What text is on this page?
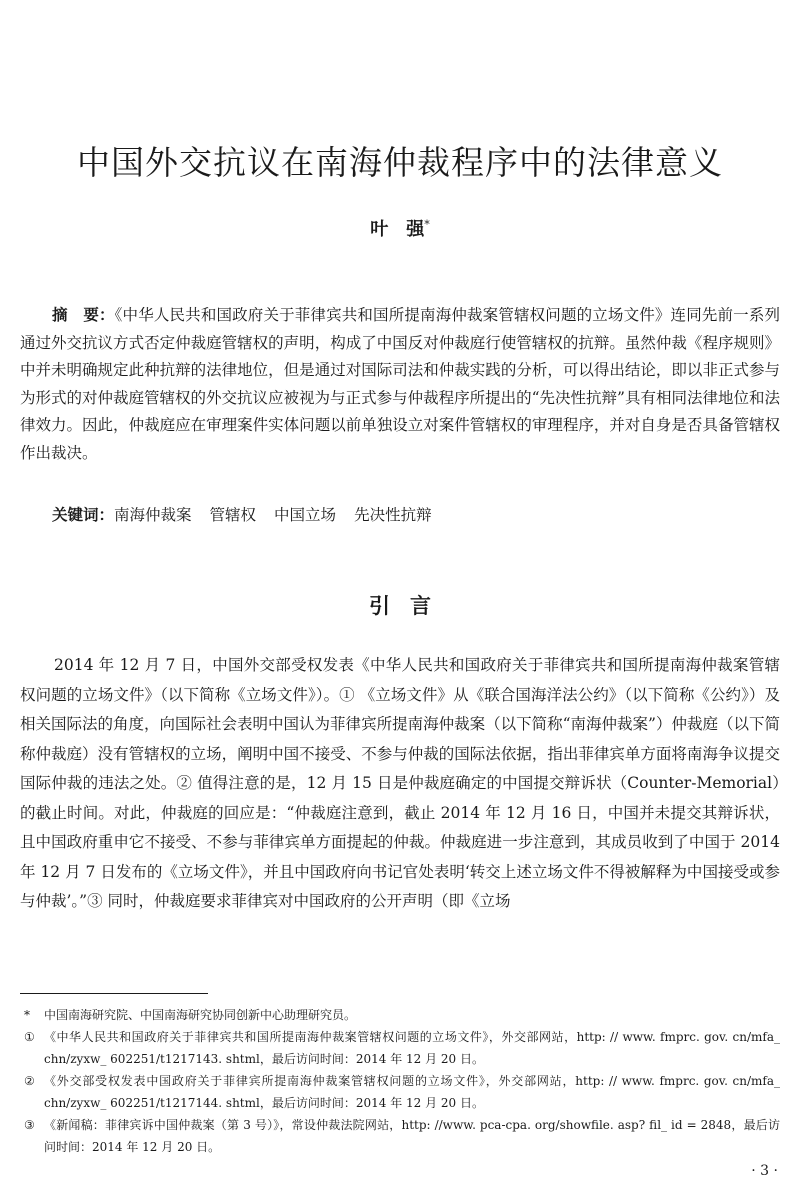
中国外交抗议在南海仲裁程序中的法律意义

叶　强*

摘　要：《中华人民共和国政府关于菲律宾共和国所提南海仲裁案管辖权问题的立场文件》连同先前一系列通过外交抗议方式否定仲裁庭管辖权的声明，构成了中国反对仲裁庭行使管辖权的抗辩。虽然仲裁《程序规则》中并未明确规定此种抗辩的法律地位，但是通过对国际司法和仲裁实践的分析，可以得出结论，即以非正式参与为形式的对仲裁庭管辖权的外交抗议应被视为与正式参与仲裁程序所提出的“先决性抗辩”具有相同法律地位和法律效力。因此，仲裁庭应在审理案件实体问题以前单独设立对案件管辖权的审理程序，并对自身是否具备管辖权作出裁决。

关键词：南海仲裁案 管辖权 中国立场 先决性抗辩

引言

2014 年 12 月 7 日，中国外交部受权发表《中华人民共和国政府关于菲律宾共和国所提南海仲裁案管辖权问题的立场文件》（以下简称《立场文件》）。① 《立场文件》从《联合国海洋法公约》（以下简称《公约》）及相关国际法的角度，向国际社会表明中国认为菲律宾所提南海仲裁案（以下简称“南海仲裁案”）仲裁庭（以下简称仲裁庭）没有管辖权的立场，阐明中国不接受、不参与仲裁的国际法依据，指出菲律宾单方面将南海争议提交国际仲裁的违法之处。② 值得注意的是，12 月 15 日是仲裁庭确定的中国提交辩诉状（Counter-Memorial）的截止时间。对此，仲裁庭的回应是：“仲裁庭注意到，截止 2014 年 12 月 16 日，中国并未提交其辩诉状，且中国政府重申它不接受、不参与菲律宾单方面提起的仲裁。仲裁庭进一步注意到，其成员收到了中国于 2014 年 12 月 7 日发布的《立场文件》，并且中国政府向书记官处表明‘转交上述立场文件不得被解释为中国接受或参与仲裁’。”③ 同时，仲裁庭要求菲律宾对中国政府的公开声明（即《立场

* 中国南海研究院、中国南海研究协同创新中心助理研究员。
① 《中华人民共和国政府关于菲律宾共和国所提南海仲裁案管辖权问题的立场文件》，外交部网站，http: // www. fmprc. gov. cn/mfa_ chn/zyxw_ 602251/t1217143. shtml，最后访问时间：2014 年 12 月 20 日。
② 《外交部受权发表中国政府关于菲律宾所提南海仲裁案管辖权问题的立场文件》，外交部网站，http: // www. fmprc. gov. cn/mfa_ chn/zyxw_ 602251/t1217144. shtml，最后访问时间：2014 年 12 月 20 日。
③ 《新闻稿：菲律宾诉中国仲裁案（第 3 号）》，常设仲裁法院网站，http: //www. pca-cpa. org/showfile. asp? fil_ id = 2848，最后访问时间：2014 年 12 月 20 日。
· 3 ·
